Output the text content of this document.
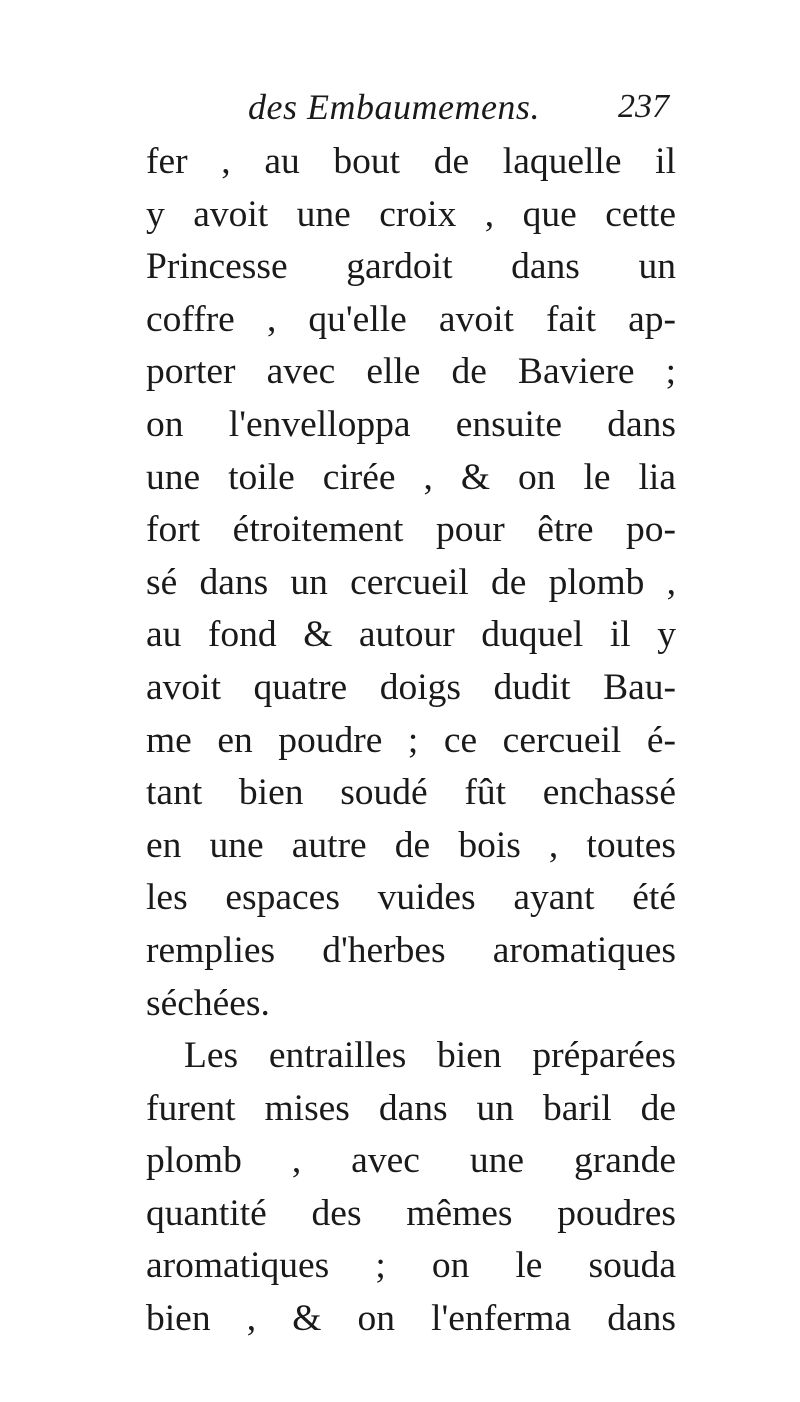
des Embaumemens. 237
fer , au bout de laquelle il
y avoit une croix , que cette
Princesse gardoit dans un
coffre , qu'elle avoit fait ap-
porter avec elle de Baviere ;
on l'envelloppa ensuite dans
une toile cirée , & on le lia
fort étroitement pour être po-
sé dans un cercueil de plomb ,
au fond & autour duquel il y
avoit quatre doigs dudit Bau-
me en poudre ; ce cercueil é-
tant bien soudé fût enchassé
en une autre de bois , toutes
les espaces vuides ayant été
remplies d'herbes aromatiques
séchées.
Les entrailles bien préparées
furent mises dans un baril de
plomb , avec une grande
quantité des mêmes poudres
aromatiques ; on le souda
bien , & on l'enferma dans
